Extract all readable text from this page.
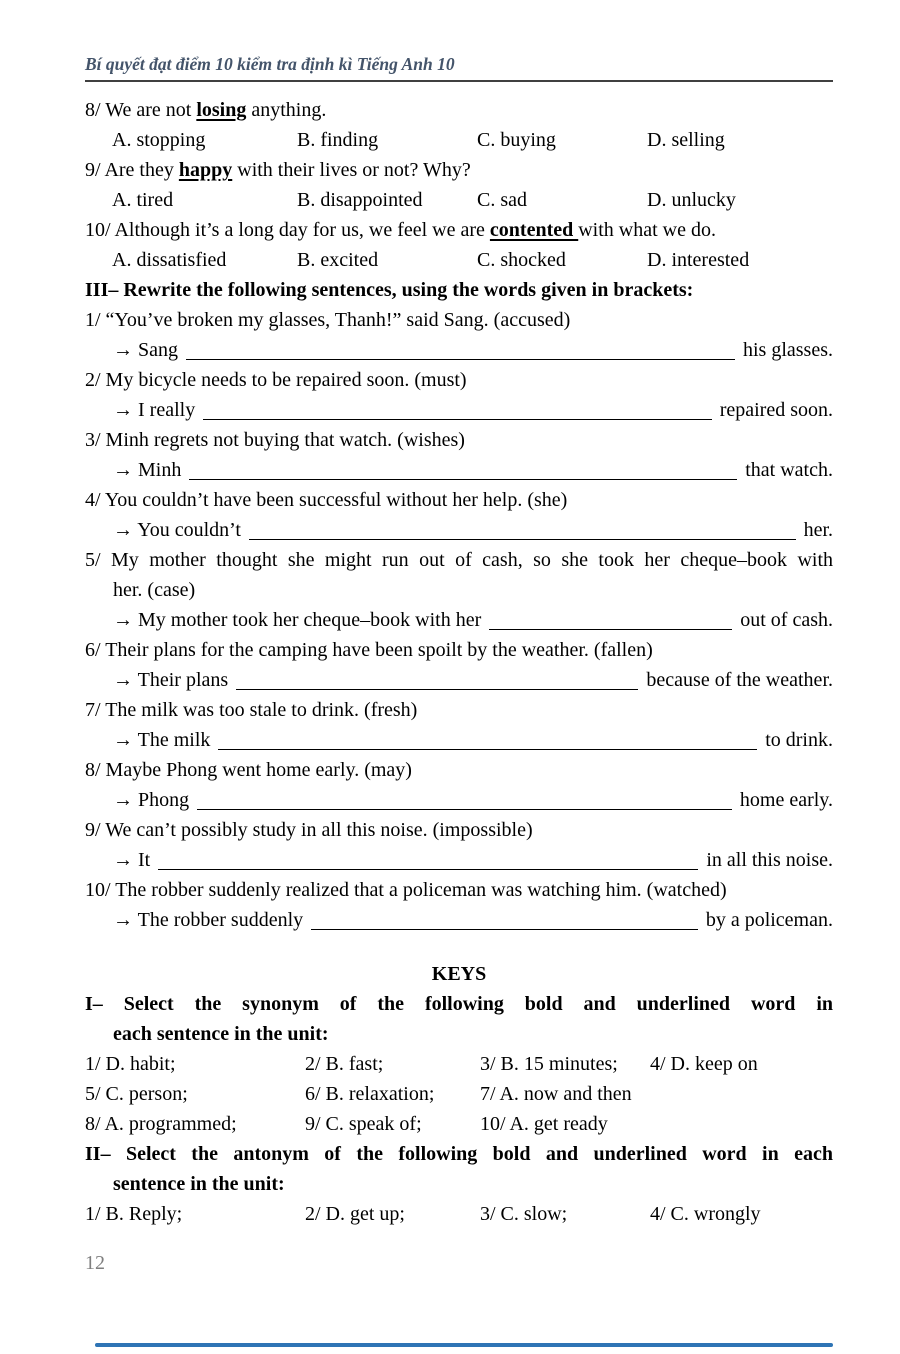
Bí quyết đạt điểm 10 kiểm tra định kì Tiếng Anh 10

8/ We are not losing anything.

A. stopping	B. finding	C. buying	D. selling

9/ Are they happy with their lives or not? Why?

A. tired	B. disappointed	C. sad	D. unlucky

10/ Although it’s a long day for us, we feel we are contented with what we do.

A. dissatisfied	B. excited	C. shocked	D. interested

III– Rewrite the following sentences, using the words given in brackets:

1/ “You’ve broken my glasses, Thanh!” said Sang. (accused)

→ Sang	his glasses.

2/ My bicycle needs to be repaired soon. (must)

→ I really	repaired soon.

3/ Minh regrets not buying that watch. (wishes)

→ Minh	that watch.

4/ You couldn’t have been successful without her help. (she)

→ You couldn’t	her.

5/ My mother thought she might run out of cash, so she took her cheque–book with

her. (case)

→ My mother took her cheque–book with her	out of cash.

6/ Their plans for the camping have been spoilt by the weather. (fallen)

→ Their plans	because of the weather.

7/ The milk was too stale to drink. (fresh)

→ The milk	to drink.

8/ Maybe Phong went home early. (may)

→ Phong	home early.

9/ We can’t possibly study in all this noise. (impossible)

→ It	in all this noise.

10/ The robber suddenly realized that a policeman was watching him. (watched)

→ The robber suddenly	by a policeman.

KEYS

I– Select the synonym of the following bold and underlined word in

each sentence in the unit:

1/ D. habit;	2/ B. fast;	3/ B. 15 minutes;	4/ D. keep on
5/ C. person;	6/ B. relaxation;	7/ A. now and then
8/ A. programmed;	9/ C. speak of;	10/ A. get ready

II– Select the antonym of the following bold and underlined word in each

sentence in the unit:

1/ B. Reply;	2/ D. get up;	3/ C. slow;	4/ C. wrongly
12
